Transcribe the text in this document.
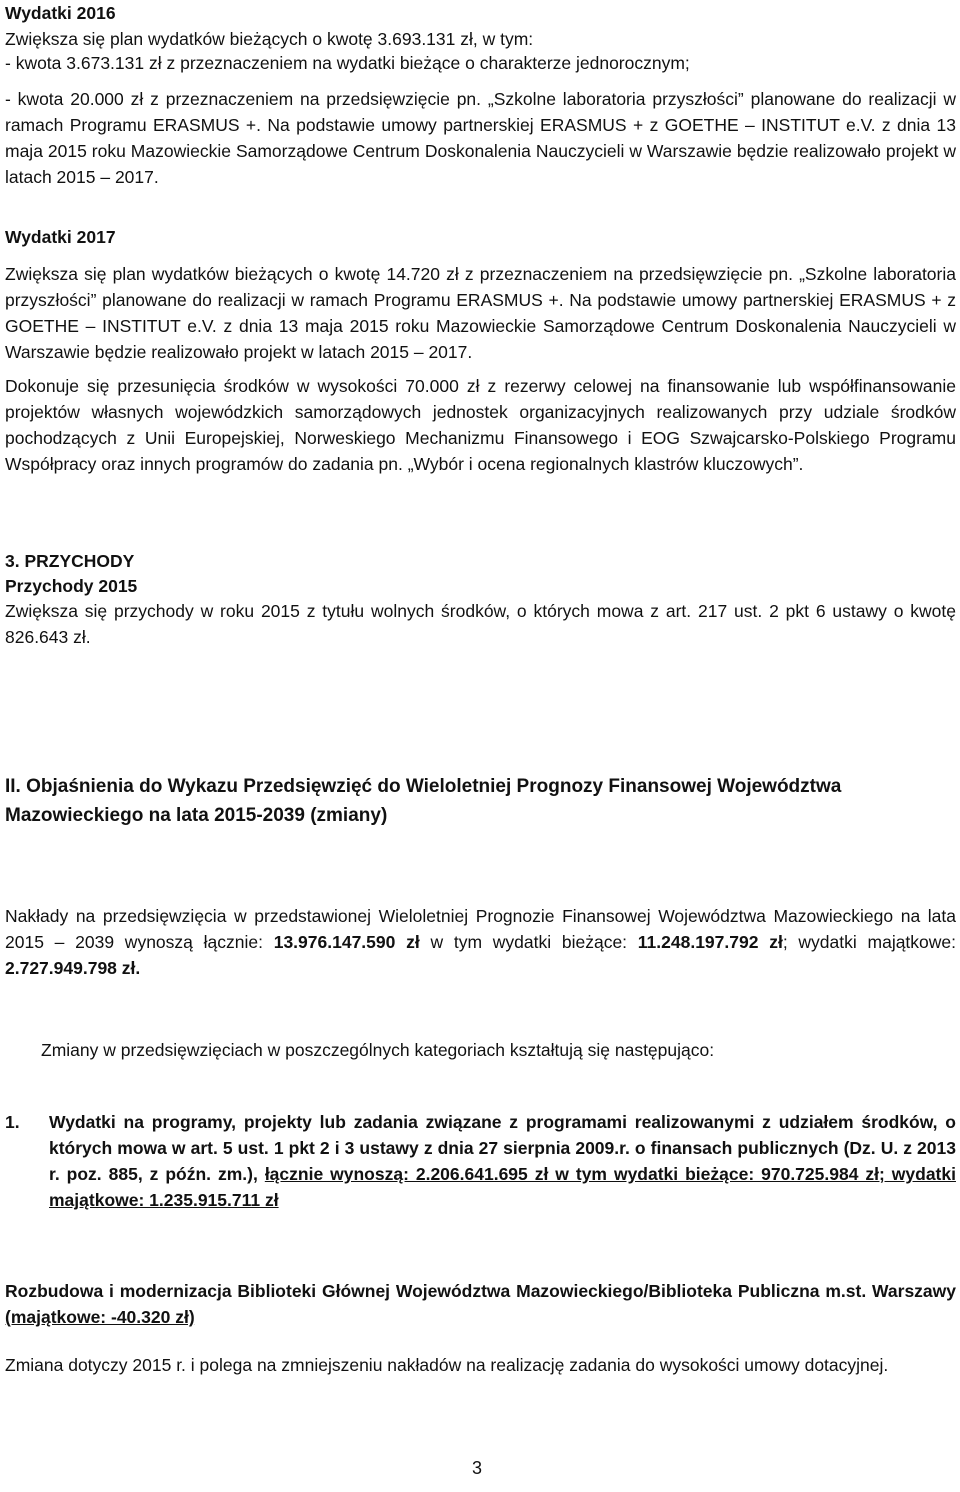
Wydatki 2016
Zwiększa się plan wydatków bieżących o kwotę 3.693.131 zł, w tym:
- kwota 3.673.131 zł z przeznaczeniem na wydatki bieżące o charakterze jednorocznym;
- kwota 20.000 zł z przeznaczeniem na przedsięwzięcie pn. „Szkolne laboratoria przyszłości” planowane do realizacji w ramach Programu ERASMUS +. Na podstawie umowy partnerskiej ERASMUS + z GOETHE – INSTITUT e.V. z dnia 13 maja 2015 roku Mazowieckie Samorządowe Centrum Doskonalenia Nauczycieli w Warszawie będzie realizowało projekt w latach 2015 – 2017.
Wydatki 2017
Zwiększa się plan wydatków bieżących o kwotę 14.720 zł z przeznaczeniem na przedsięwzięcie pn. „Szkolne laboratoria przyszłości” planowane do realizacji w ramach Programu ERASMUS +. Na podstawie umowy partnerskiej ERASMUS + z GOETHE – INSTITUT e.V. z dnia 13 maja 2015 roku Mazowieckie Samorządowe Centrum Doskonalenia Nauczycieli w Warszawie będzie realizowało projekt w latach 2015 – 2017.
Dokonuje się przesunięcia środków w wysokości 70.000 zł z rezerwy celowej na finansowanie lub współfinansowanie projektów własnych wojewódzkich samorządowych jednostek organizacyjnych realizowanych przy udziale środków pochodzących z Unii Europejskiej, Norweskiego Mechanizmu Finansowego i EOG Szwajcarsko-Polskiego Programu Współpracy oraz innych programów do zadania pn. „Wybór i ocena regionalnych klastrów kluczowych”.
3. PRZYCHODY
Przychody 2015
Zwiększa się przychody w roku 2015 z tytułu wolnych środków, o których mowa z art. 217 ust. 2 pkt 6 ustawy o kwotę 826.643 zł.
II. Objaśnienia do Wykazu Przedsięwzięć do Wieloletniej Prognozy Finansowej Województwa Mazowieckiego na lata 2015-2039 (zmiany)
Nakłady na przedsięwzięcia w przedstawionej Wieloletniej Prognozie Finansowej Województwa Mazowieckiego na lata 2015 – 2039 wynoszą łącznie: 13.976.147.590 zł w tym wydatki bieżące: 11.248.197.792 zł; wydatki majątkowe: 2.727.949.798 zł.
Zmiany w przedsięwzięciach w poszczególnych kategoriach kształtują się następująco:
1.	Wydatki na programy, projekty lub zadania związane z programami realizowanymi z udziałem środków, o których mowa w art. 5 ust. 1 pkt 2 i 3 ustawy z dnia 27 sierpnia 2009.r. o finansach publicznych (Dz. U. z 2013 r. poz. 885, z późn. zm.), łącznie wynoszą: 2.206.641.695 zł w tym wydatki bieżące: 970.725.984 zł; wydatki majątkowe: 1.235.915.711 zł
Rozbudowa i modernizacja Biblioteki Głównej Województwa Mazowieckiego/Biblioteka Publiczna m.st. Warszawy (majątkowe: -40.320 zł)
Zmiana dotyczy 2015 r. i polega na zmniejszeniu nakładów na realizację zadania do wysokości umowy dotacyjnej.
3
